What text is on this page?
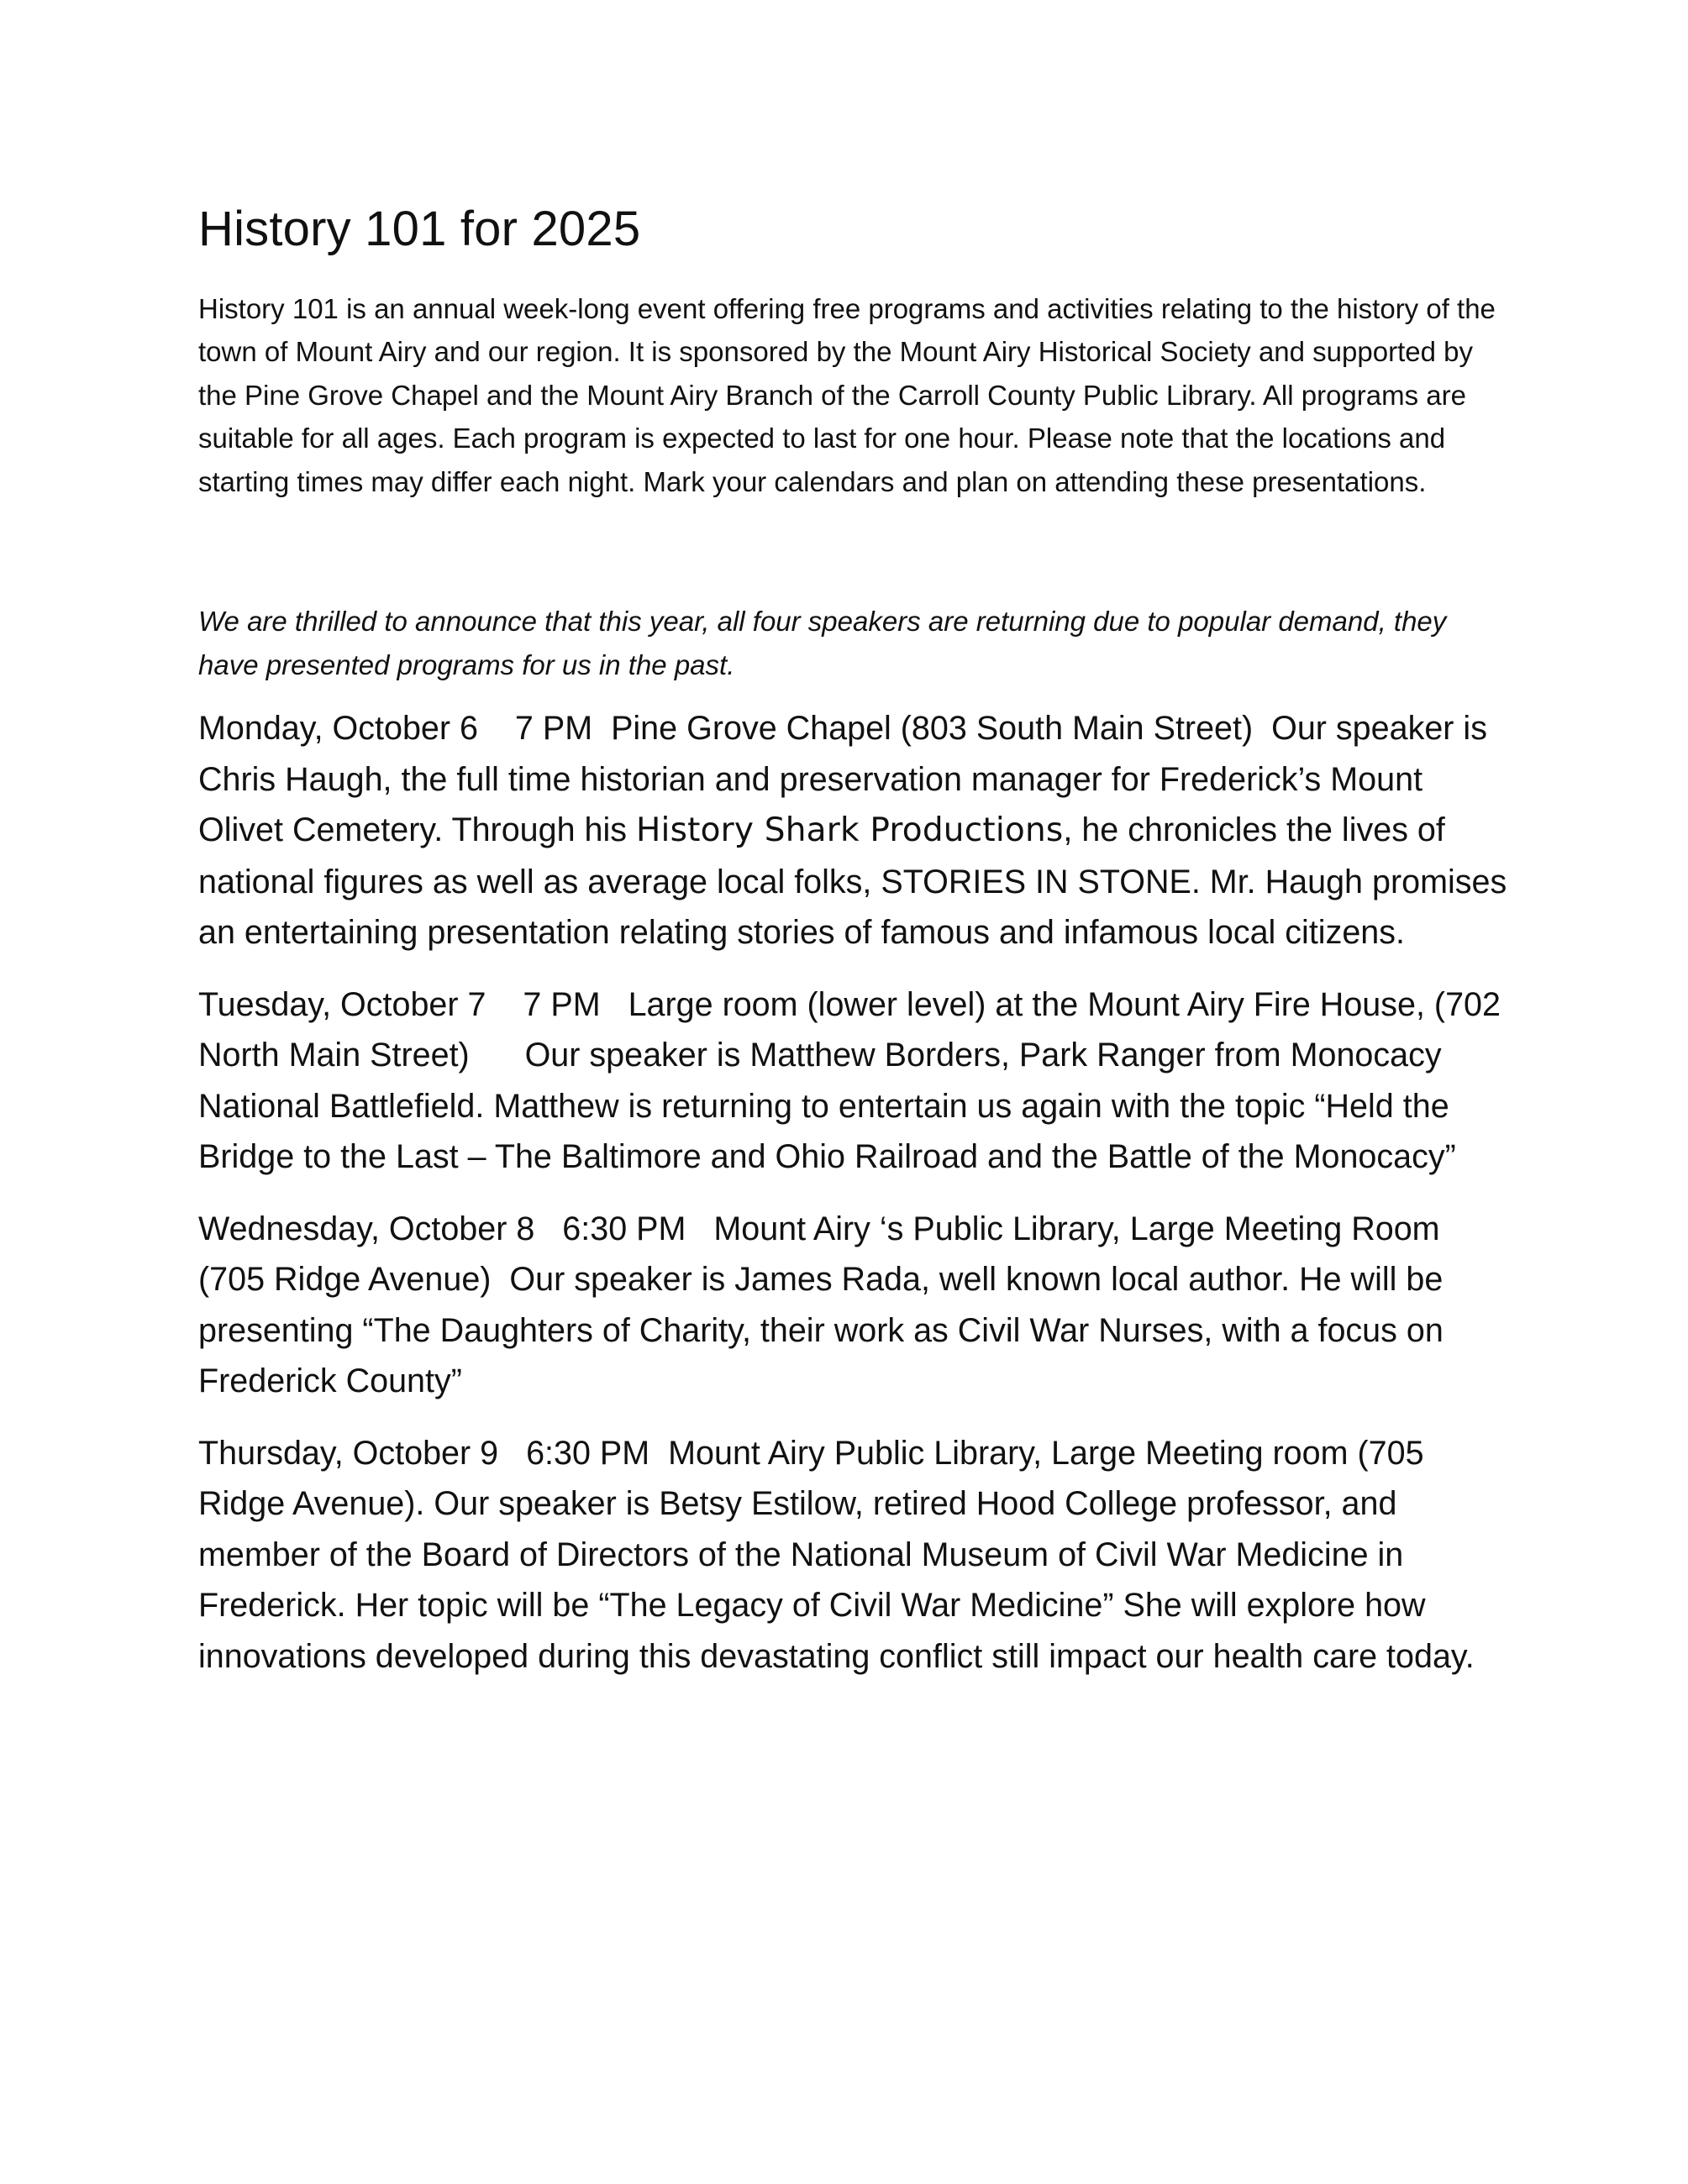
History 101 for 2025

History 101 is an annual week-long event offering free programs and activities relating to the history of the town of Mount Airy and our region. It is sponsored by the Mount Airy Historical Society and supported by the Pine Grove Chapel and the Mount Airy Branch of the Carroll County Public Library. All programs are suitable for all ages. Each program is expected to last for one hour. Please note that the locations and starting times may differ each night. Mark your calendars and plan on attending these presentations.

We are thrilled to announce that this year, all four speakers are returning due to popular demand, they have presented programs for us in the past.

Monday, October 6 7 PM Pine Grove Chapel (803 South Main Street) Our speaker is Chris Haugh, the full time historian and preservation manager for Frederick’s Mount Olivet Cemetery. Through his History Shark Productions, he chronicles the lives of national figures as well as average local folks, STORIES IN STONE. Mr. Haugh promises an entertaining presentation relating stories of famous and infamous local citizens.

Tuesday, October 7 7 PM Large room (lower level) at the Mount Airy Fire House, (702 North Main Street) Our speaker is Matthew Borders, Park Ranger from Monocacy National Battlefield. Matthew is returning to entertain us again with the topic “Held the Bridge to the Last – The Baltimore and Ohio Railroad and the Battle of the Monocacy”

Wednesday, October 8 6:30 PM Mount Airy ‘s Public Library, Large Meeting Room (705 Ridge Avenue) Our speaker is James Rada, well known local author. He will be presenting “The Daughters of Charity, their work as Civil War Nurses, with a focus on Frederick County”

Thursday, October 9 6:30 PM Mount Airy Public Library, Large Meeting room (705 Ridge Avenue). Our speaker is Betsy Estilow, retired Hood College professor, and member of the Board of Directors of the National Museum of Civil War Medicine in Frederick. Her topic will be “The Legacy of Civil War Medicine” She will explore how innovations developed during this devastating conflict still impact our health care today.
